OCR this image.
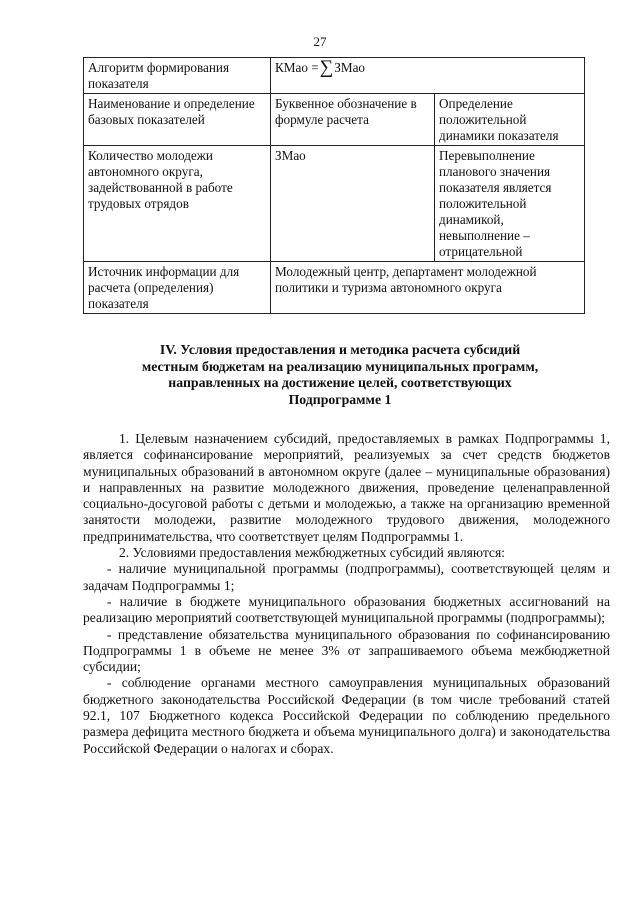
27
Алгоритм формирования показателя	КМао = ∑ ЗМао	

Наименование и определение базовых показателей	Буквенное обозначение в формуле расчета	Определение положительной динамики показателя
Количество молодежи автономного округа, задействованной в работе трудовых отрядов	ЗМао	Перевыполнение планового значения показателя является положительной динамикой, невыполнение – отрицательной
Источник информации для расчета (определения) показателя	Молодежный центр, департамент молодежной политики и туризма автономного округа	
IV. Условия предоставления и методика расчета субсидий
местным бюджетам на реализацию муниципальных программ,
направленных на достижение целей, соответствующих
Подпрограмме 1

1. Целевым назначением субсидий, предоставляемых в рамках Подпрограммы 1, является софинансирование мероприятий, реализуемых за счет средств бюджетов муниципальных образований в автономном округе (далее – муниципальные образования) и направленных на развитие молодежного движения, проведение целенаправленной социально-досуговой работы с детьми и молодежью, а также на организацию временной занятости молодежи, развитие молодежного трудового движения, молодежного предпринимательства, что соответствует целям Подпрограммы 1.

2. Условиями предоставления межбюджетных субсидий являются:

- наличие муниципальной программы (подпрограммы), соответствующей целям и задачам Подпрограммы 1;

- наличие в бюджете муниципального образования бюджетных ассигнований на реализацию мероприятий соответствующей муниципальной программы (подпрограммы);

- представление обязательства муниципального образования по софинансированию Подпрограммы 1 в объеме не менее 3% от запрашиваемого объема межбюджетной субсидии;

- соблюдение органами местного самоуправления муниципальных образований бюджетного законодательства Российской Федерации (в том числе требований статей 92.1, 107 Бюджетного кодекса Российской Федерации по соблюдению предельного размера дефицита местного бюджета и объема муниципального долга) и законодательства Российской Федерации о налогах и сборах.
